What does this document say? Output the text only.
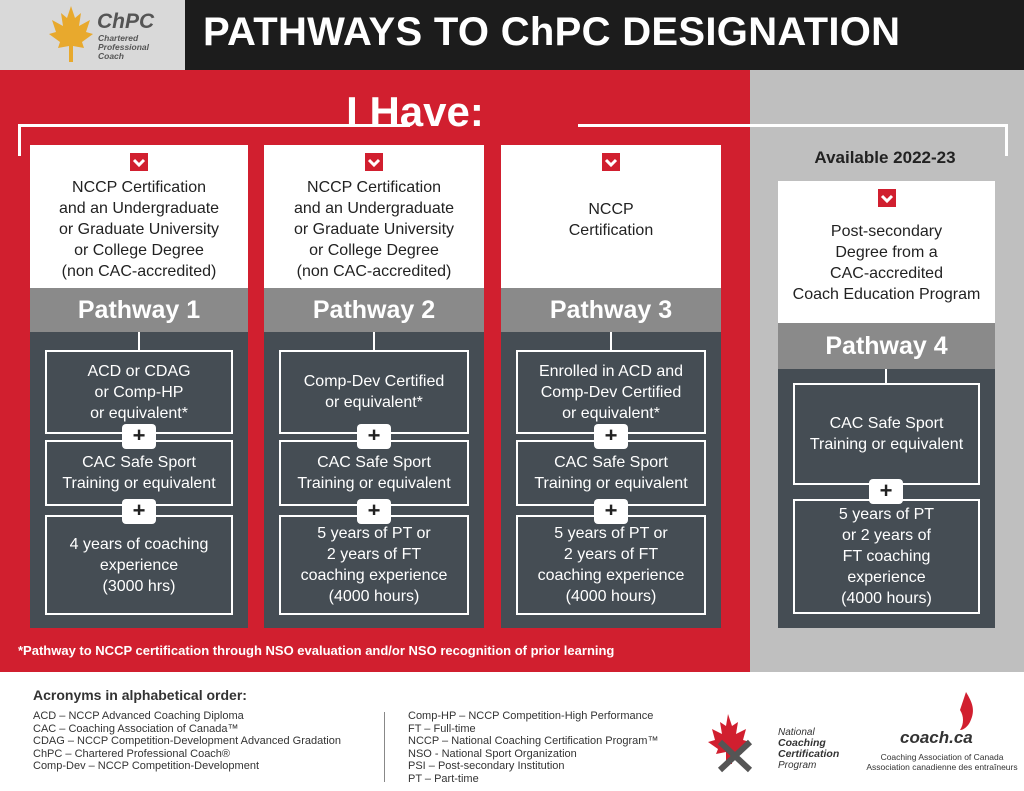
ChPC
Chartered
Professional
Coach
PATHWAYS TO ChPC DESIGNATION
I Have:
Available 2022-23
NCCP Certification
and an Undergraduate
or Graduate University
or College Degree
(non CAC-accredited)
Pathway 1
ACD or CDAG
or Comp-HP
or equivalent*
+
CAC Safe Sport
Training or equivalent
+
4 years of coaching
experience
(3000 hrs)
NCCP Certification
and an Undergraduate
or Graduate University
or College Degree
(non CAC-accredited)
Pathway 2
Comp-Dev Certified
or equivalent*
+
CAC Safe Sport
Training or equivalent
+
5 years of PT or
2 years of FT
coaching experience
(4000 hours)
NCCP
Certification
Pathway 3
Enrolled in ACD and
Comp-Dev Certified
or equivalent*
+
CAC Safe Sport
Training or equivalent
+
5 years of PT or
2 years of FT
coaching experience
(4000 hours)
Post-secondary
Degree from a
CAC-accredited
Coach Education Program
Pathway 4
CAC Safe Sport
Training or equivalent
+
5 years of PT
or 2 years of
FT coaching
experience
(4000 hours)
*Pathway to NCCP certification through NSO evaluation and/or NSO recognition of prior learning
Acronyms in alphabetical order:
ACD – NCCP Advanced Coaching Diploma
CAC – Coaching Association of Canada™
CDAG – NCCP Competition-Development Advanced Gradation
ChPC – Chartered Professional Coach®
Comp-Dev – NCCP Competition-Development
Comp-HP – NCCP Competition-High Performance
FT – Full-time
NCCP – National Coaching Certification Program™
NSO - National Sport Organization
PSI – Post-secondary Institution
PT – Part-time
National
Coaching
Certification
Program
coach.ca
Coaching Association of Canada
Association canadienne des entraîneurs
